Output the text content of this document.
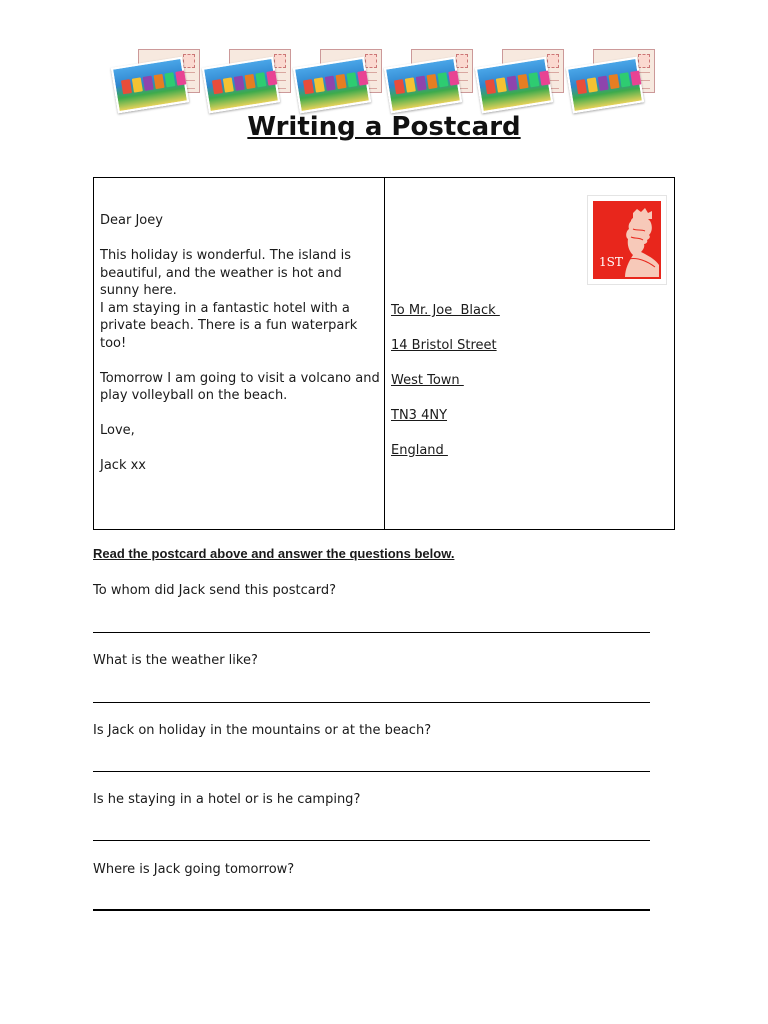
Writing a Postcard

Dear Joey

This holiday is wonderful. The island is beautiful, and the weather is hot and sunny here.

I am staying in a fantastic hotel with a private beach. There is a fun waterpark too!

Tomorrow I am going to visit a volcano and play volleyball on the beach.

Love,

Jack xx

1ST
To Mr. Joe  Black
14 Bristol Street
West Town
TN3 4NY
England
Read the postcard above and answer the questions below.
To whom did Jack send this postcard?
What is the weather like?
Is Jack on holiday in the mountains or at the beach?
Is he staying in a hotel or is he camping?
Where is Jack going tomorrow?
